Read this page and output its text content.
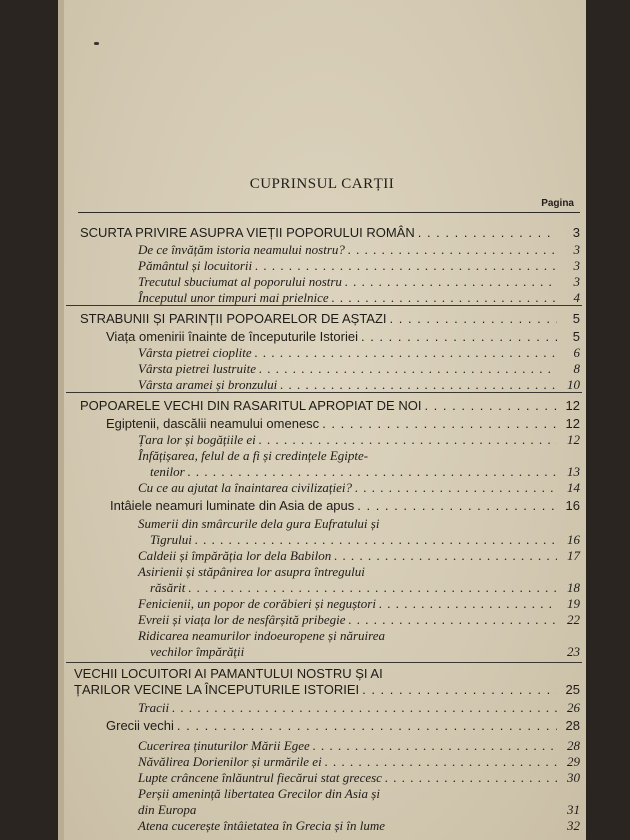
CUPRINSUL CARȚII
Pagina
SCURTA PRIVIRE ASUPRA VIEȚII POPORULUI ROMÂN . . .	3
De ce învățăm istoria neamului nostru? . . .	3
Pământul și locuitorii . . .	3
Trecutul sbuciumat al poporului nostru . . .	3
Începutul unor timpuri mai prielnice . . .	4
STRABUNII ȘI PARINȚII POPOARELOR DE AȘTAZI . . .	5
Viața omenirii înainte de începuturile Istoriei . . .	5
Vârsta pietrei cioplite . . .	6
Vârsta pietrei lustruite . . .	8
Vârsta aramei și bronzului . . .	10
POPOARELE VECHI DIN RASARITUL APROPIAT DE NOI . . .	12
Egiptenii, dascălii neamului omenesc . . .	12
Țara lor și bogățiile ei . . .	12
Înfățișarea, felul de a fi și credințele Egipte-
tenilor . . .	13
Cu ce au ajutat la înaintarea civilizației? . . .	14
Intâiele neamuri luminate din Asia de apus . . .	16
Sumerii din smârcurile dela gura Eufratului și
Tigrului . . .	16
Caldeii și împărăția lor dela Babilon . . .	17
Asirienii și stăpânirea lor asupra întregului
răsărit . . .	18
Fenicienii, un popor de corăbieri și neguștori . . .	19
Evreii și viața lor de nesfârșită pribegie . . .	22
Ridicarea neamurilor indoeuropene și năruirea
vechilor împărății	23
VECHII LOCUITORI AI PAMANTULUI NOSTRU ȘI AI
ȚARILOR VECINE LA ÎNCEPUTURILE ISTORIEI . . .	25
Tracii . . .	26
Grecii vechi . . .	28
Cucerirea ținuturilor Mării Egee . . .	28
Năvălirea Dorienilor și urmările ei . . .	29
Lupte crâncene înlăuntrul fiecărui stat grecesc . . .	30
Perșii amenință libertatea Grecilor din Asia și
din Europa	31
Atena cucerește întâietatea în Grecia și în lume	32
